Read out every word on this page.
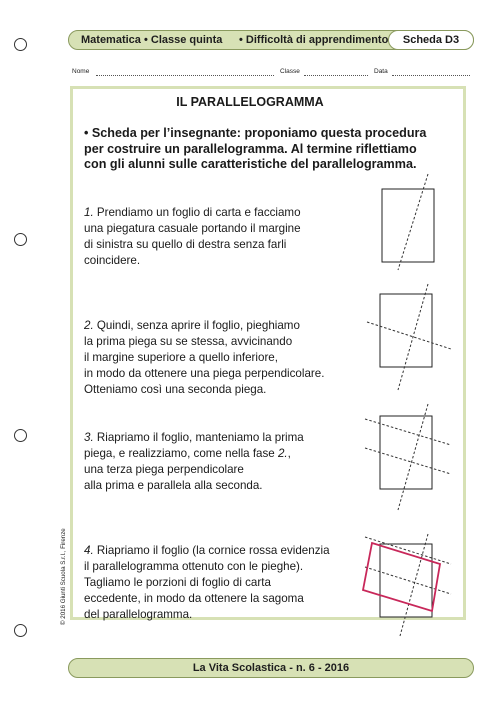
Matematica • Classe quinta • Difficoltà di apprendimento	Scheda D3
Nome	Classe	Data
IL PARALLELOGRAMMA

• Scheda per l’insegnante: proponiamo questa procedura

per costruire un parallelogramma. Al termine riflettiamo

con gli alunni sulle caratteristiche del parallelogramma.

1. Prendiamo un foglio di carta e facciamo

una piegatura casuale portando il margine

di sinistra su quello di destra senza farli

coincidere.

2. Quindi, senza aprire il foglio, pieghiamo

la prima piega su se stessa, avvicinando

il margine superiore a quello inferiore,

in modo da ottenere una piega perpendicolare.

Otteniamo così una seconda piega.

3. Riapriamo il foglio, manteniamo la prima

piega, e realizziamo, come nella fase 2.,

una terza piega perpendicolare

alla prima e parallela alla seconda.

4. Riapriamo il foglio (la cornice rossa evidenzia

il parallelogramma ottenuto con le pieghe).

Tagliamo le porzioni di foglio di carta

eccedente, in modo da ottenere la sagoma

del parallelogramma.

© 2016 Giunti Scuola S.r.l., Firenze
La Vita Scolastica - n. 6 - 2016
